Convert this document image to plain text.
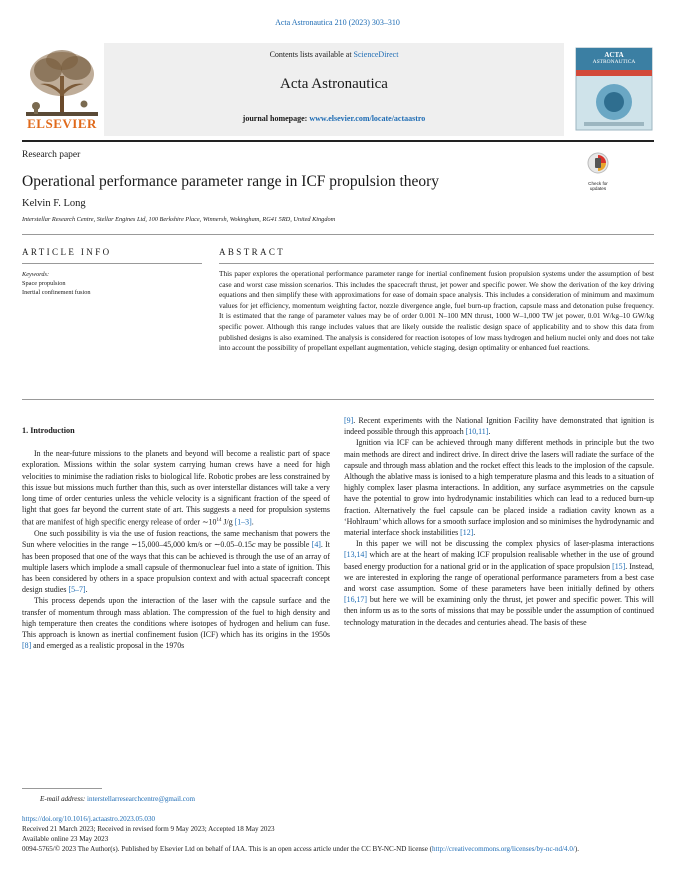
Acta Astronautica 210 (2023) 303–310
Contents lists available at ScienceDirect
Acta Astronautica
journal homepage: www.elsevier.com/locate/actaastro
ELSEVIER
ACTA
ASTRONAUTICA
Research paper
Check for
updates
Operational performance parameter range in ICF propulsion theory
Kelvin F. Long
Interstellar Research Centre, Stellar Engines Ltd, 100 Berkshire Place, Winnersh, Wokingham, RG41 5RD, United Kingdom
ARTICLE INFO	ABSTRACT
Keywords:
Space propulsion
Inertial confinement fusion

This paper explores the operational performance parameter range for inertial confinement fusion propulsion systems under the assumption of best case and worst case mission scenarios. This includes the spacecraft thrust, jet power and specific power. We show the derivation of the key driving equations and then simplify these with approximations for ease of domain space analysis. This includes a consideration of minimum and maximum values for jet efficiency, momentum weighting factor, nozzle divergence angle, fuel burn-up fraction, capsule mass and detonation pulse frequency. It is estimated that the range of parameter values may be of order 0.001 N–100 MN thrust, 1000 W–1,000 TW jet power, 0.01 W/kg–10 GW/kg specific power. Although this range includes values that are likely outside the realistic design space of applicability and to show this data from published designs is also examined. The analysis is considered for reaction isotopes of low mass hydrogen and helium nuclei only and does not take into account the possibility of propellant expellant augmentation, vehicle staging, design optimality or enhanced fuel reactions.

1. Introduction

In the near-future missions to the planets and beyond will become a realistic part of space exploration. Missions within the solar system carrying human crews have a need for high velocities to minimise the radiation risks to biological life. Robotic probes are less constrained by this issue but missions much further than this, such as over interstellar distances will take a very long time of order centuries unless the vehicle velocity is a significant fraction of the speed of light that goes far beyond the current state of art. This suggests a need for propulsion systems that are manifest of high specific energy release of order $\sim 10^{14}$ J/g [1–3].

One such possibility is via the use of fusion reactions, the same mechanism that powers the Sun where velocities in the range ∼15,000–45,000 km/s or ∼0.05–0.15c may be possible [4]. It has been proposed that one of the ways that this can be achieved is through the use of an array of multiple lasers which implode a small capsule of thermonuclear fuel into a state of ignition. This has been considered by others in a space propulsion context and with actual spacecraft concept design studies [5–7].

This process depends upon the interaction of the laser with the capsule surface and the transfer of momentum through mass ablation. The compression of the fuel to high density and high temperature then creates the conditions where isotopes of hydrogen and helium can fuse. This approach is known as inertial confinement fusion (ICF) which has its origins in the 1950s [8] and emerged as a realistic proposal in the 1970s

[9]. Recent experiments with the National Ignition Facility have demonstrated that ignition is indeed possible through this approach [10,11].

Ignition via ICF can be achieved through many different methods in principle but the two main methods are direct and indirect drive. In direct drive the lasers will radiate the surface of the capsule and through mass ablation and the rocket effect this leads to the implosion of the capsule. Although the ablative mass is ionised to a high temperature plasma and this leads to a situation of highly complex laser plasma interactions. In addition, any surface asymmetries on the capsule have the potential to grow into hydrodynamic instabilities which can lead to a reduced burn-up fraction. Alternatively the fuel capsule can be placed inside a radiation cavity known as a ‘Hohlraum’ which allows for a smooth surface implosion and so minimises the hydrodynamic and material interface shock instabilities [12].

In this paper we will not be discussing the complex physics of laser-plasma interactions [13,14] which are at the heart of making ICF propulsion realisable whether in the use of ground based energy production for a national grid or in the application of space propulsion [15]. Instead, we are interested in exploring the range of operational performance parameters from a best case and worst case assumption. Some of these parameters have been initially defined by others [16,17] but here we will be examining only the thrust, jet power and specific power. This will then inform us as to the sorts of missions that may be possible under the assumption of continued technology maturation in the decades and centuries ahead. The basis of these

E-mail address: interstellarresearchcentre@gmail.com
https://doi.org/10.1016/j.actaastro.2023.05.030
Received 21 March 2023; Received in revised form 9 May 2023; Accepted 18 May 2023
Available online 23 May 2023
0094-5765/© 2023 The Author(s). Published by Elsevier Ltd on behalf of IAA. This is an open access article under the CC BY-NC-ND license (http://creativecommons.org/licenses/by-nc-nd/4.0/).
